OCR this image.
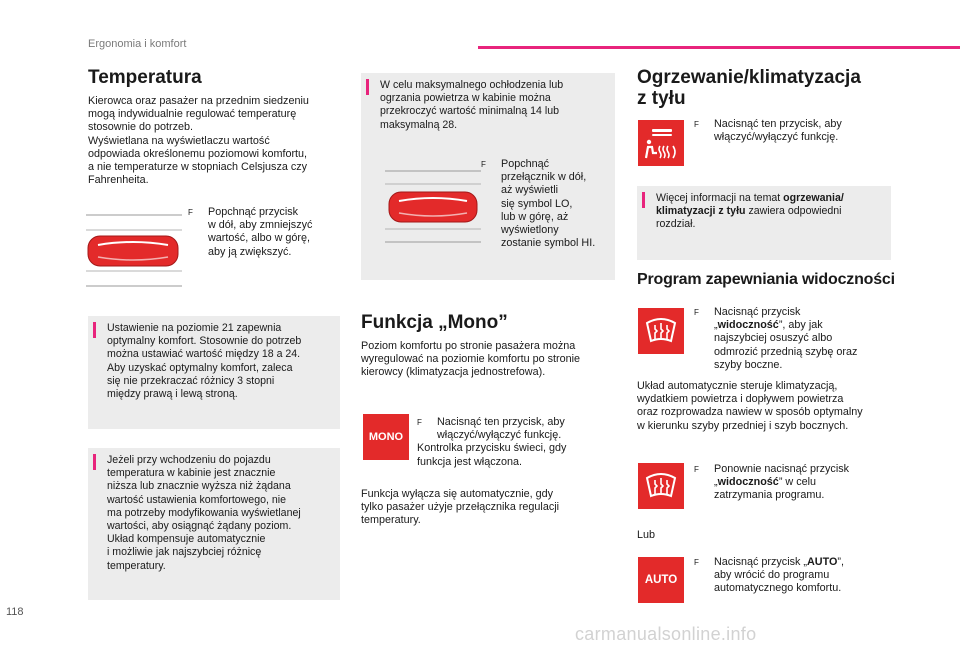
Ergonomia i komfort
Temperatura
Kierowca oraz pasażer na przednim siedzeniu
mogą indywidualnie regulować temperaturę
stosownie do potrzeb.
Wyświetlana na wyświetlaczu wartość
odpowiada określonemu poziomowi komfortu,
a nie temperaturze w stopniach Celsjusza czy
Fahrenheita.
F	Popchnąć przycisk
w dół, aby zmniejszyć
wartość, albo w górę,
aby ją zwiększyć.
Ustawienie na poziomie 21 zapewnia
optymalny komfort. Stosownie do potrzeb
można ustawiać wartość między 18 a 24.
Aby uzyskać optymalny komfort, zaleca
się nie przekraczać różnicy 3 stopni
między prawą i lewą stroną.
Jeżeli przy wchodzeniu do pojazdu
temperatura w kabinie jest znacznie
niższa lub znacznie wyższa niż żądana
wartość ustawienia komfortowego, nie
ma potrzeby modyfikowania wyświetlanej
wartości, aby osiągnąć żądany poziom.
Układ kompensuje automatycznie
i możliwie jak najszybciej różnicę
temperatury.
W celu maksymalnego ochłodzenia lub
ogrzania powietrza w kabinie można
przekroczyć wartość minimalną 14 lub
maksymalną 28.
F	Popchnąć
przełącznik w dół,
aż wyświetli
się symbol LO,
lub w górę, aż
wyświetlony
zostanie symbol HI.
Funkcja „Mono”
Poziom komfortu po stronie pasażera można
wyregulować na poziomie komfortu po stronie
kierowcy (klimatyzacja jednostrefowa).
MONO
F	Nacisnąć ten przycisk, aby
włączyć/wyłączyć funkcję.
Kontrolka przycisku świeci, gdy
funkcja jest włączona.
Funkcja wyłącza się automatycznie, gdy
tylko pasażer użyje przełącznika regulacji
temperatury.
Ogrzewanie/klimatyzacja
z tyłu
F	Nacisnąć ten przycisk, aby
włączyć/wyłączyć funkcję.
Więcej informacji na temat ogrzewania/
klimatyzacji z tyłu zawiera odpowiedni
rozdział.
Program zapewniania widoczności
F	Nacisnąć przycisk
„widoczność”, aby jak
najszybciej osuszyć albo
odmrozić przednią szybę oraz
szyby boczne.
Układ automatycznie steruje klimatyzacją,
wydatkiem powietrza i dopływem powietrza
oraz rozprowadza nawiew w sposób optymalny
w kierunku szyby przedniej i szyb bocznych.
F	Ponownie nacisnąć przycisk
„widoczność” w celu
zatrzymania programu.
Lub
AUTO
F	Nacisnąć przycisk „AUTO”,
aby wrócić do programu
automatycznego komfortu.
118
carmanualsonline.info
